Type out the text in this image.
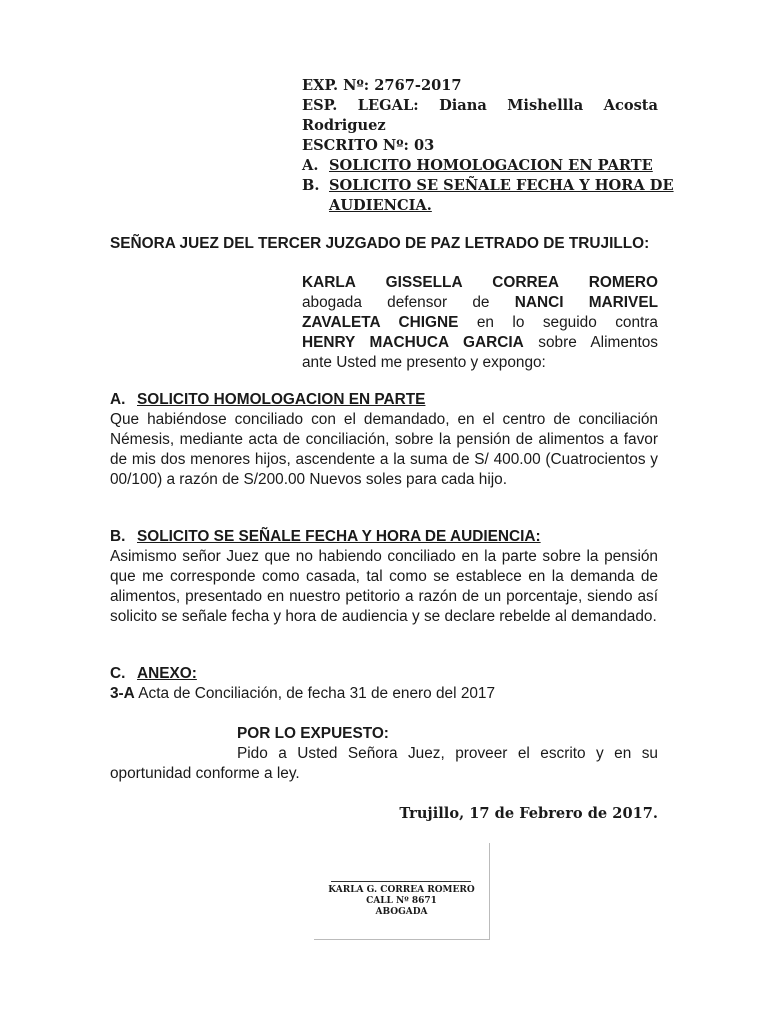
EXP. Nº: 2767-2017
ESP. LEGAL: Diana Mishellla Acosta
Rodriguez
ESCRITO Nº: 03
A. SOLICITO HOMOLOGACION EN PARTE
B. SOLICITO SE SEÑALE FECHA Y HORA DE
AUDIENCIA.
SEÑORA JUEZ DEL TERCER JUZGADO DE PAZ LETRADO DE TRUJILLO:
KARLA GISSELLA CORREA ROMERO
abogada defensor de NANCI MARIVEL
ZAVALETA CHIGNE en lo seguido contra
HENRY MACHUCA GARCIA sobre Alimentos
ante Usted me presento y expongo:
A. SOLICITO HOMOLOGACION EN PARTE
Que habiéndose conciliado con el demandado, en el centro de conciliación Némesis, mediante acta de conciliación, sobre la pensión de alimentos a favor de mis dos menores hijos, ascendente a la suma de S/ 400.00 (Cuatrocientos y 00/100) a razón de S/200.00 Nuevos soles para cada hijo.
B. SOLICITO SE SEÑALE FECHA Y HORA DE AUDIENCIA:
Asimismo señor Juez que no habiendo conciliado en la parte sobre la pensión que me corresponde como casada, tal como se establece en la demanda de alimentos, presentado en nuestro petitorio a razón de un porcentaje, siendo así solicito se señale fecha y hora de audiencia y se declare rebelde al demandado.
C. ANEXO:
3-A Acta de Conciliación, de fecha 31 de enero del 2017
POR LO EXPUESTO:
Pido a Usted Señora Juez, proveer el escrito y en su
oportunidad conforme a ley.
Trujillo, 17 de Febrero de 2017.
KARLA G. CORREA ROMERO
CALL Nº 8671
ABOGADA
